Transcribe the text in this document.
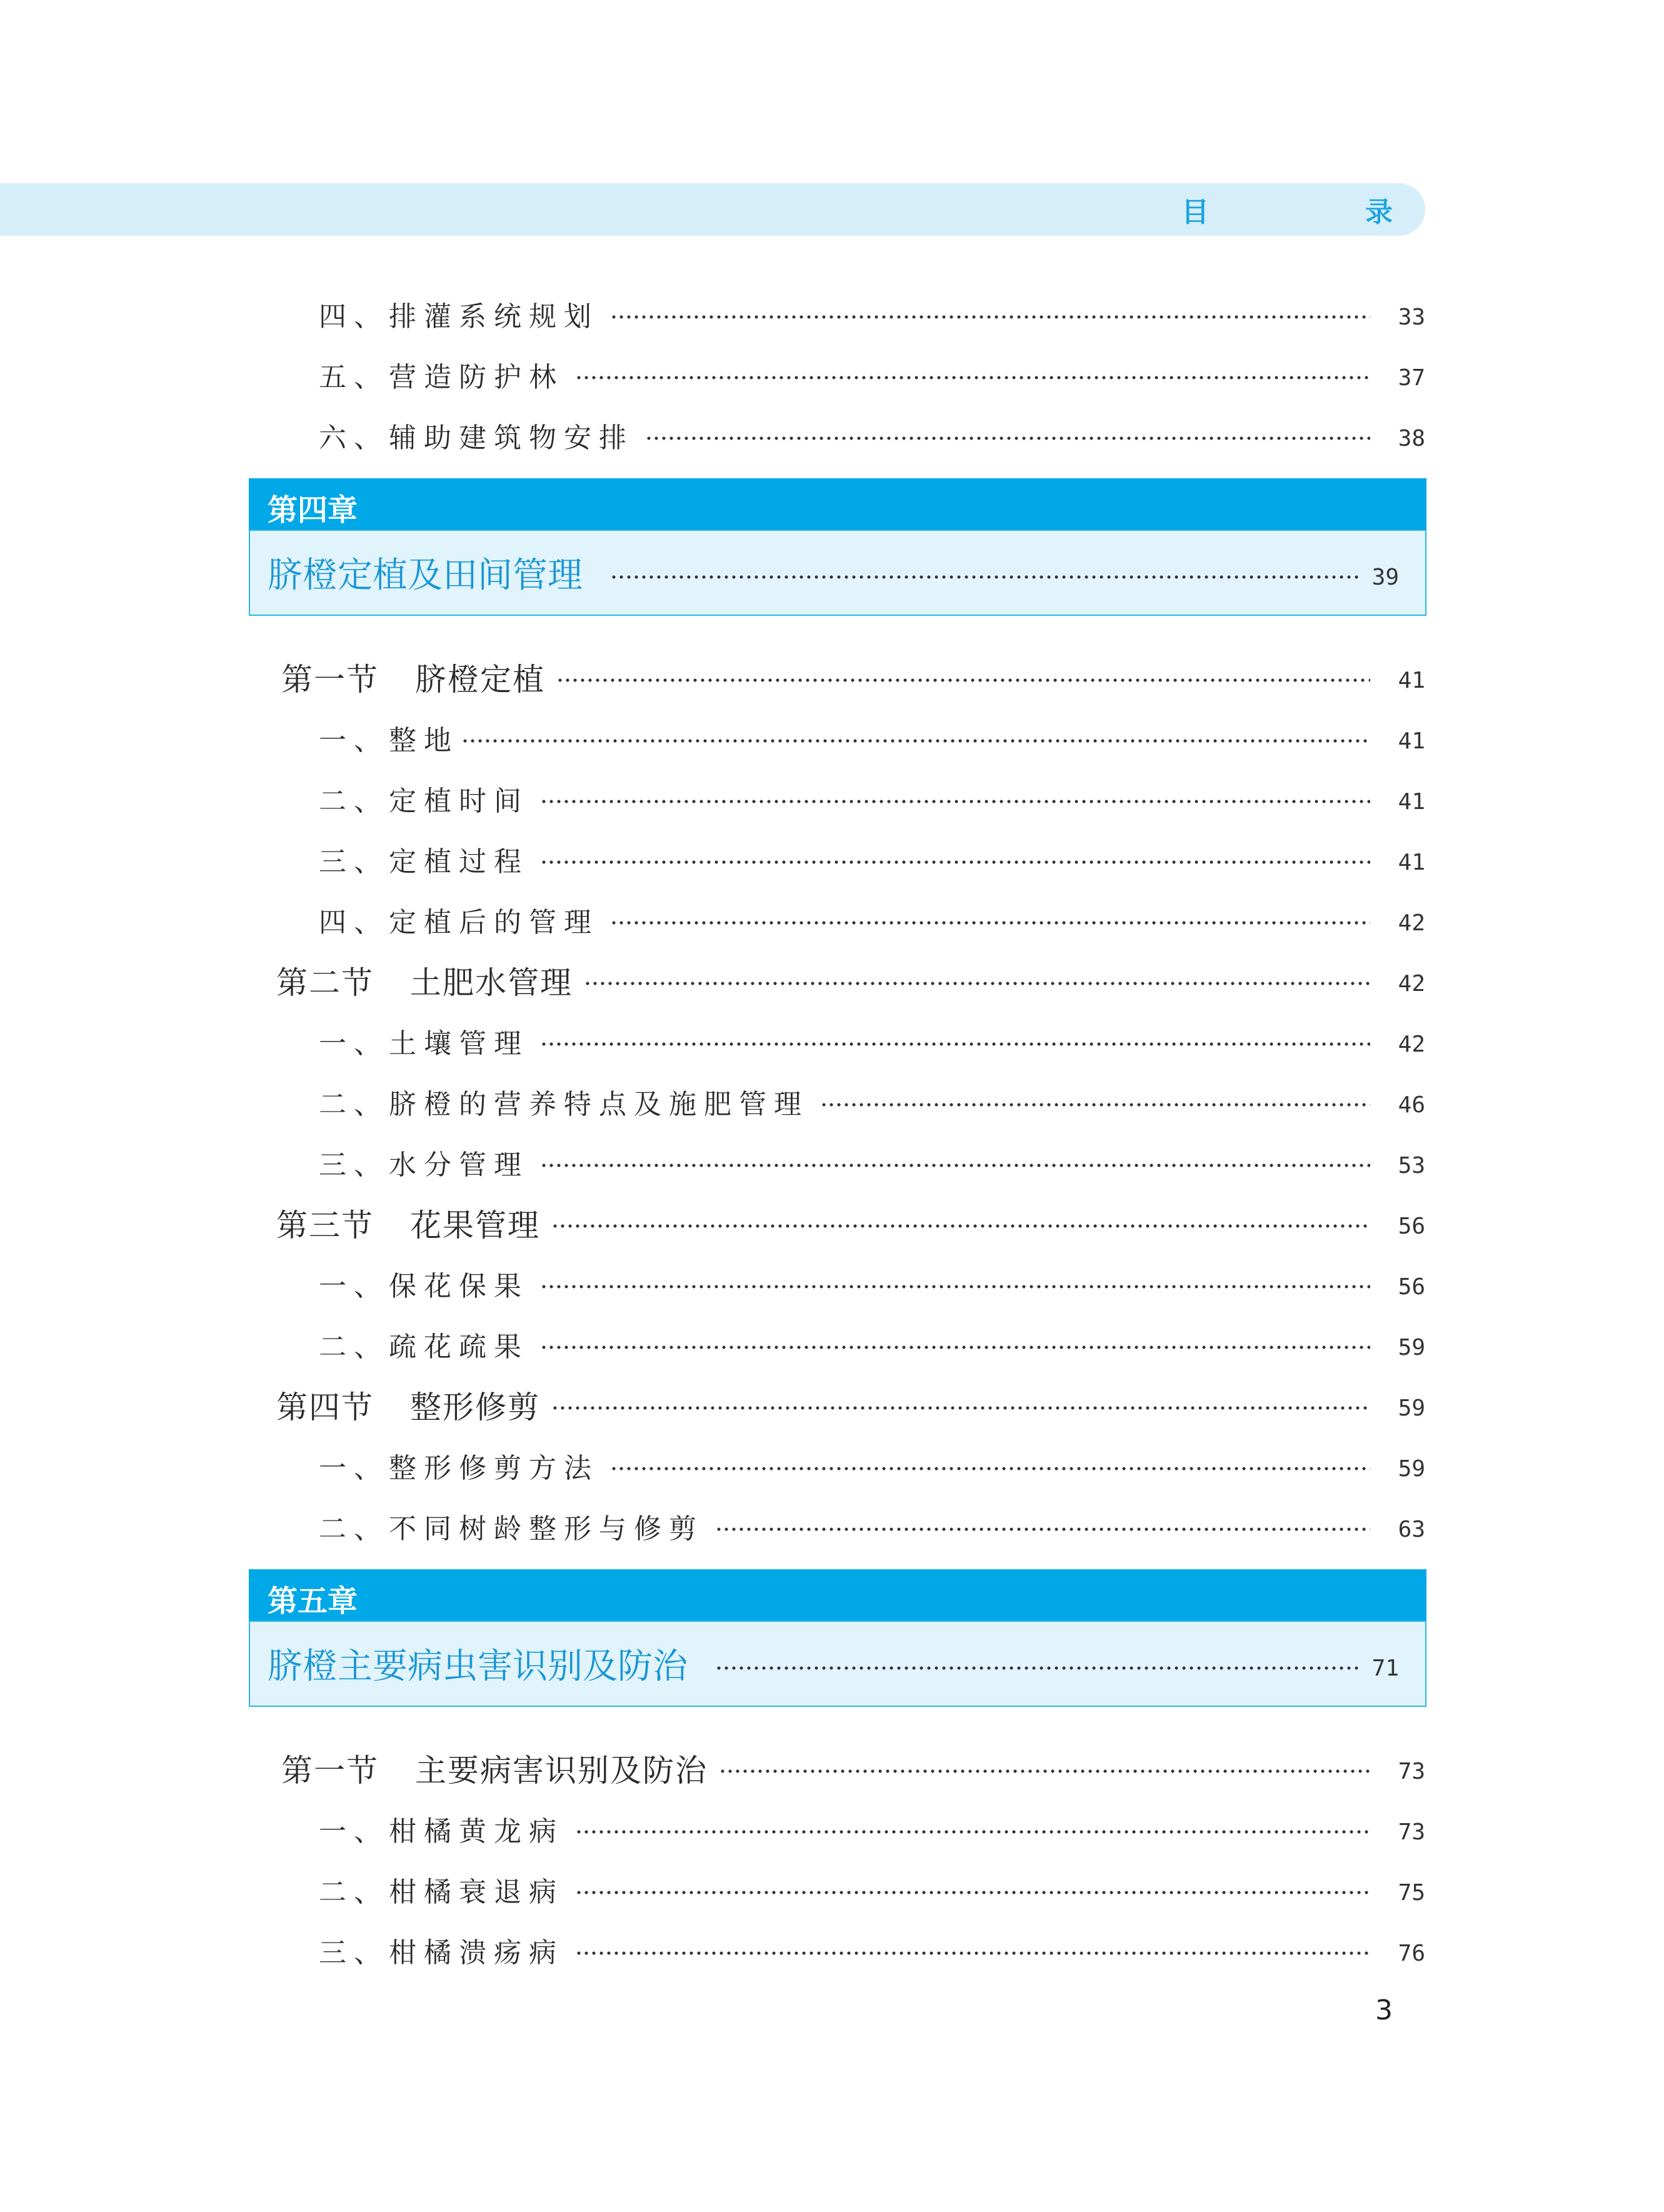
目	录
四、排灌系统规划	33
五、营造防护林	37
六、辅助建筑物安排	38
第四章
脐橙定植及田间管理	39
第一节 脐橙定植	41
一、整地	41
二、定植时间	41
三、定植过程	41
四、定植后的管理	42
第二节 土肥水管理	42
一、土壤管理	42
二、脐橙的营养特点及施肥管理	46
三、水分管理	53
第三节 花果管理	56
一、保花保果	56
二、疏花疏果	59
第四节 整形修剪	59
一、整形修剪方法	59
二、不同树龄整形与修剪	63
第五章
脐橙主要病虫害识别及防治	71
第一节 主要病害识别及防治	73
一、柑橘黄龙病	73
二、柑橘衰退病	75
三、柑橘溃疡病	76
3
